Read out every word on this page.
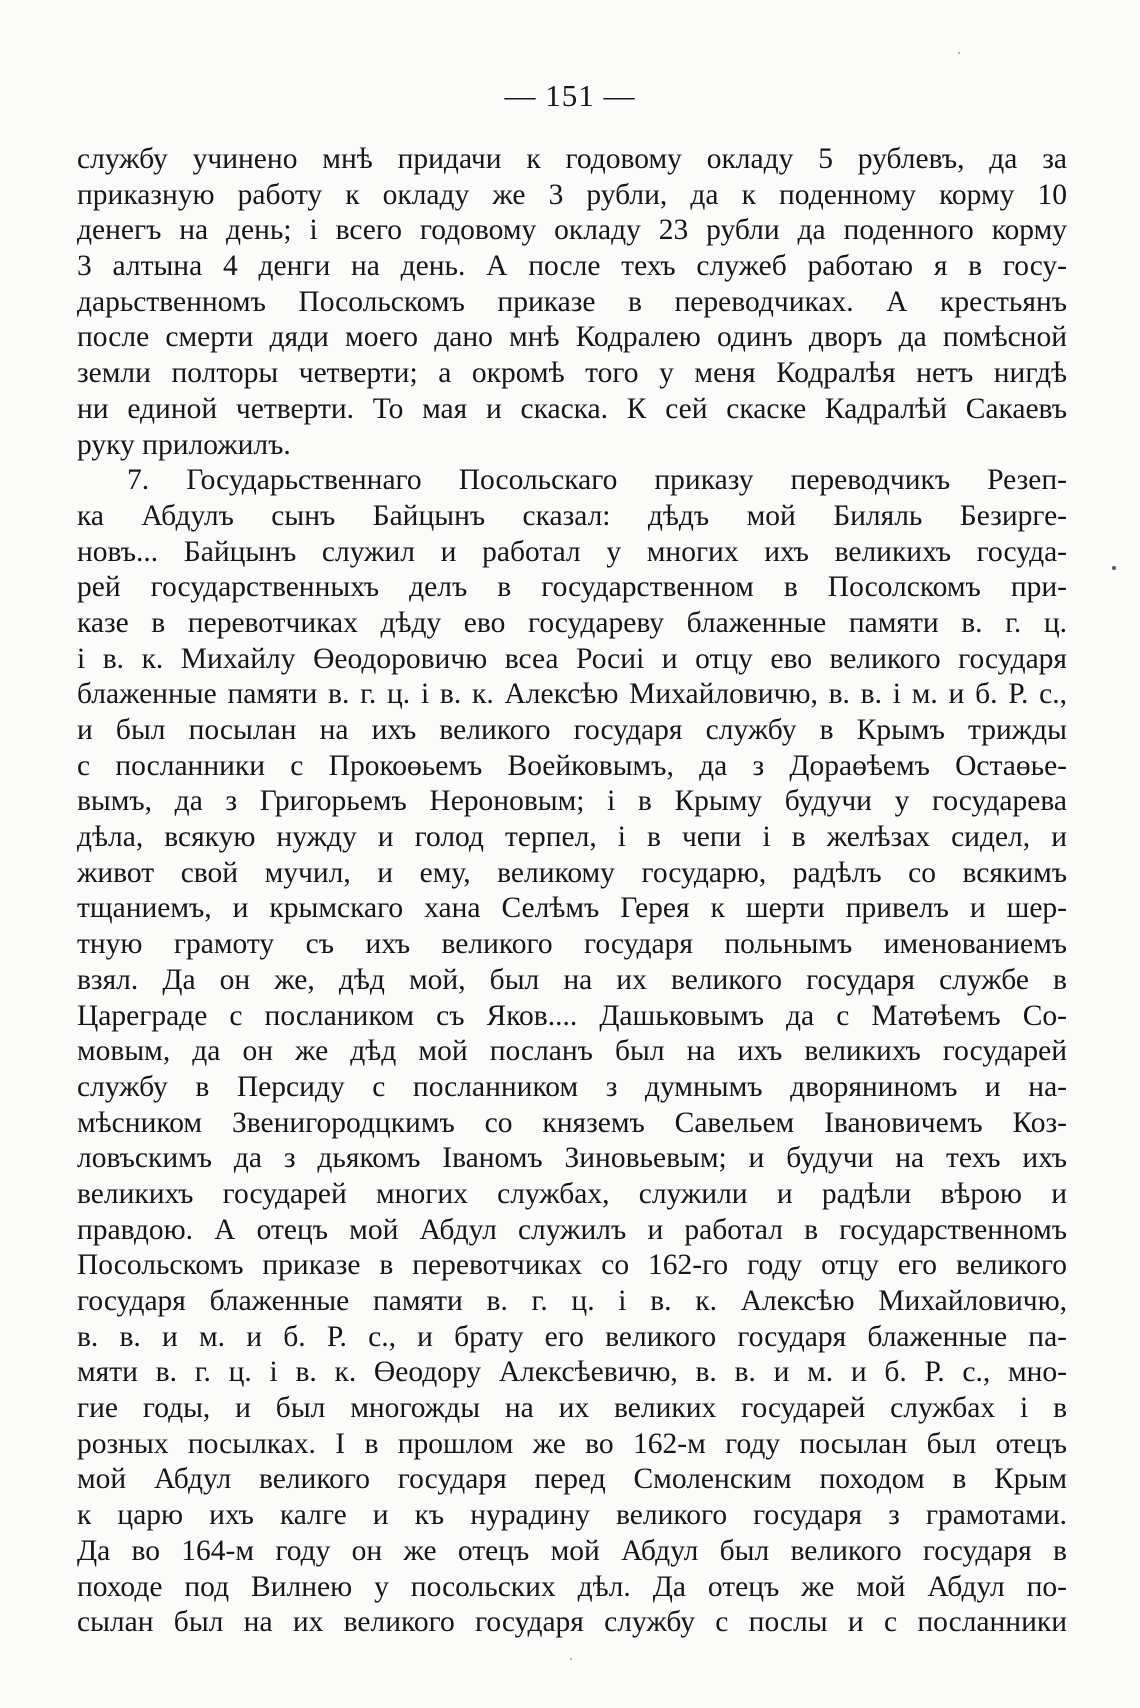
— 151 —
службу учинено мнѣ придачи к годовому окладу 5 рублевъ, да за
приказную работу к окладу же 3 рубли, да к поденному корму 10
денегъ на день; і всего годовому окладу 23 рубли да поденного корму
3 алтына 4 денги на день. А после техъ служеб работаю я в госу-
дарьственномъ Посольскомъ приказе в переводчиках. А крестьянъ
после смерти дяди моего дано мнѣ Кодралею одинъ дворъ да помѣсной
земли полторы четверти; а окромѣ того у меня Кодралѣя нетъ нигдѣ
ни единой четверти. То мая и скаска. К сей скаске Кадралѣй Сакаевъ
руку приложилъ.
7. Государьственнаго Посольскаго приказу переводчикъ Резеп-
ка Абдулъ сынъ Байцынъ сказал: дѣдъ мой Биляль Безирге-
новъ... Байцынъ служил и работал у многих ихъ великихъ госуда-
рей государственныхъ делъ в государственном в Посолскомъ при-
казе в перевотчиках дѣду ево государеву блаженные памяти в. г. ц.
і в. к. Михайлу Өеодоровичю всеа Росиі и отцу ево великого государя
блаженные памяти в. г. ц. і в. к. Алексѣю Михайловичю, в. в. і м. и б. Р. с.,
и был посылан на ихъ великого государя службу в Крымъ трижды
с посланники с Прокоөьемъ Воейковымъ, да з Дораөѣемъ Остаөье-
вымъ, да з Григорьемъ Нероновым; і в Крыму будучи у государева
дѣла, всякую нужду и голод терпел, і в чепи і в желѣзах сидел, и
живот свой мучил, и ему, великому государю, радѣлъ со всякимъ
тщаниемъ, и крымскаго хана Селѣмъ Герея к шерти привелъ и шер-
тную грамоту съ ихъ великого государя польнымъ именованиемъ
взял. Да он же, дѣд мой, был на их великого государя службе в
Цареграде с послаником съ Яков.... Дашьковымъ да с Матөѣемъ Со-
мовым, да он же дѣд мой посланъ был на ихъ великихъ государей
службу в Персиду с посланником з думнымъ дворяниномъ и на-
мѣсником Звенигородцкимъ со княземъ Савельем Івановичемъ Коз-
ловъскимъ да з дьякомъ Іваномъ Зиновьевым; и будучи на техъ ихъ
великихъ государей многих службах, служили и радѣли вѣрою и
правдою. А отецъ мой Абдул служилъ и работал в государственномъ
Посольскомъ приказе в перевотчиках со 162-го году отцу его великого
государя блаженные памяти в. г. ц. і в. к. Алексѣю Михайловичю,
в. в. и м. и б. Р. с., и брату его великого государя блаженные па-
мяти в. г. ц. і в. к. Өеодору Алексѣевичю, в. в. и м. и б. Р. с., мно-
гие годы, и был многожды на их великих государей службах і в
розных посылках. І в прошлом же во 162-м году посылан был отецъ
мой Абдул великого государя перед Смоленским походом в Крым
к царю ихъ калге и къ нурадину великого государя з грамотами.
Да во 164-м году он же отецъ мой Абдул был великого государя в
походе под Вилнею у посольских дѣл. Да отецъ же мой Абдул по-
сылан был на их великого государя службу с послы и с посланники
